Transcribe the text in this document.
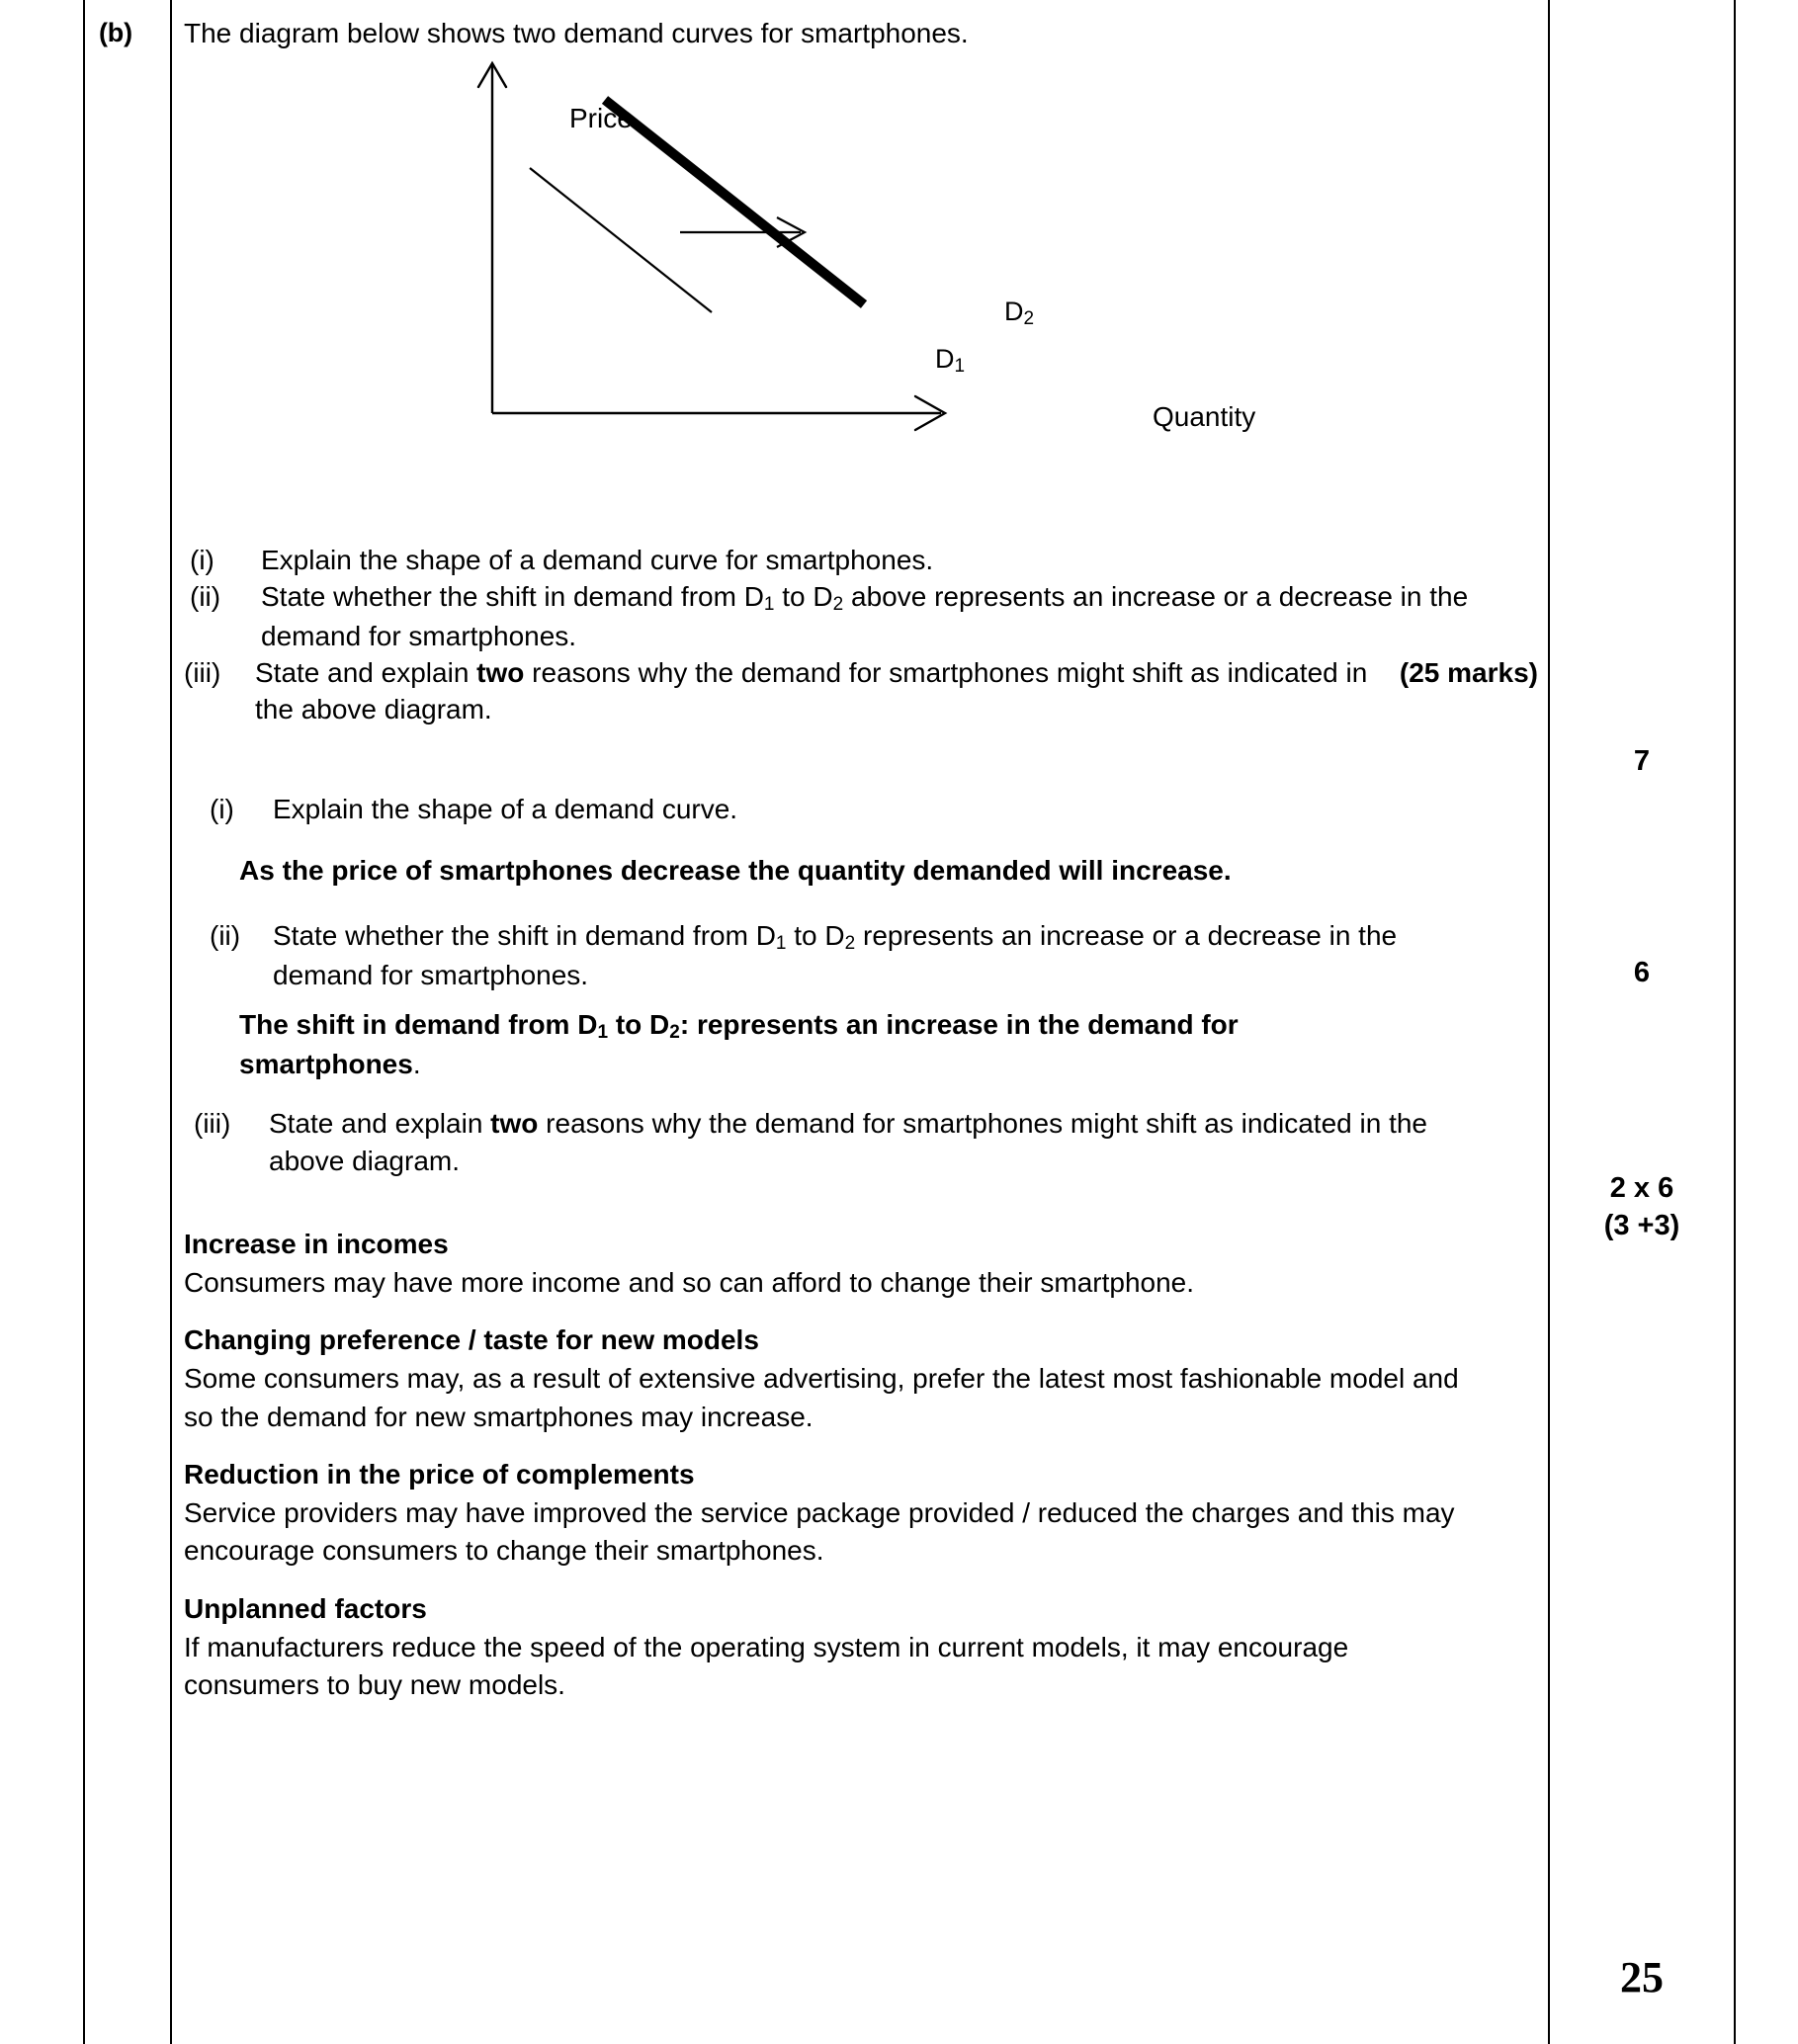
(b) The diagram below shows two demand curves for smartphones.
Price
Quantity
$D_2$
$D_1$
(i)	Explain the shape of a demand curve for smartphones.
(ii)	State whether the shift in demand from $D_1$ to $D_2$ above represents an increase or a decrease in the demand for smartphones.
(iii)	(25 marks)
State and explain two reasons why the demand for smartphones might shift as indicated in the above diagram.
(i) Explain the shape of a demand curve.
As the price of smartphones decrease the quantity demanded will increase.
(ii)	State whether the shift in demand from $D_1$ to $D_2$ represents an increase or a decrease in the demand for smartphones.
The shift in demand from $D_1$ to $D_2$: represents an increase in the demand for smartphones.
(iii)	State and explain two reasons why the demand for smartphones might shift as indicated in the above diagram.
Increase in incomes
Consumers may have more income and so can afford to change their smartphone.
Changing preference / taste for new models
Some consumers may, as a result of extensive advertising, prefer the latest most fashionable model and so the demand for new smartphones may increase.
Reduction in the price of complements
Service providers may have improved the service package provided / reduced the charges and this may encourage consumers to change their smartphones.
Unplanned factors
If manufacturers reduce the speed of the operating system in current models, it may encourage consumers to buy new models.
7
6
2 x 6
(3 +3)
25
